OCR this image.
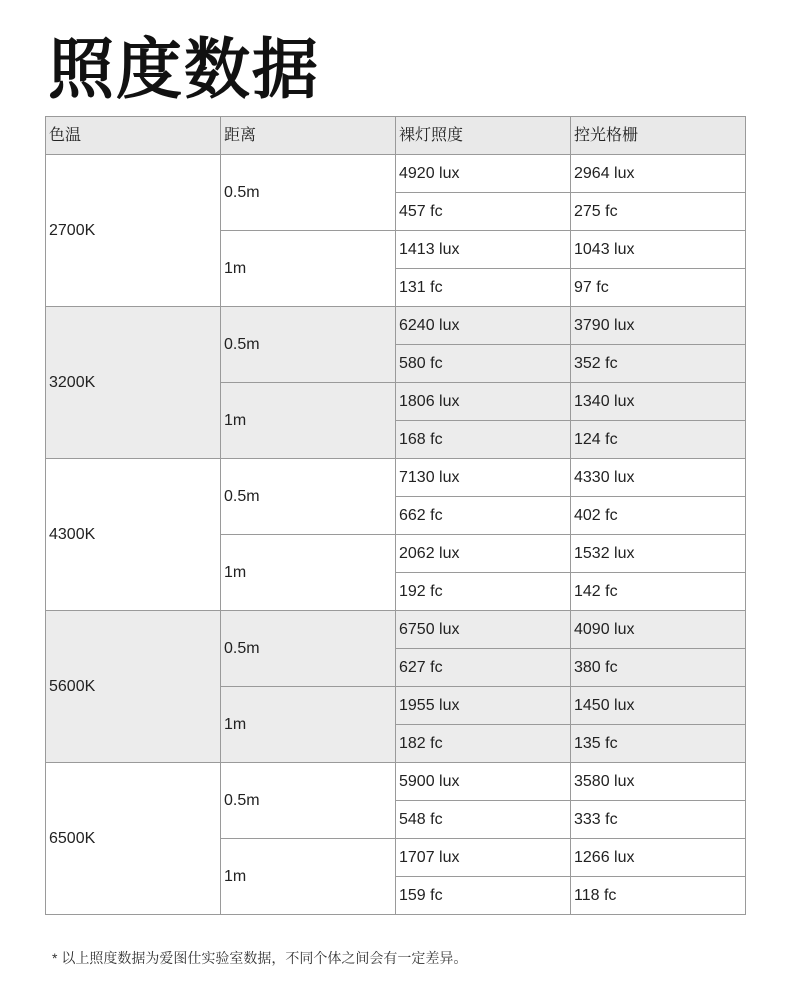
照度数据
色温	距离	裸灯照度	控光格栅
2700K	0.5m	4920 lux	2964 lux
		457 fc	275 fc
	1m	1413 lux	1043 lux
		131 fc	97 fc
3200K	0.5m	6240 lux	3790 lux
		580 fc	352 fc
	1m	1806 lux	1340 lux
		168 fc	124 fc
4300K	0.5m	7130 lux	4330 lux
		662 fc	402 fc
	1m	2062 lux	1532 lux
		192 fc	142 fc
5600K	0.5m	6750 lux	4090 lux
		627 fc	380 fc
	1m	1955 lux	1450 lux
		182 fc	135 fc
6500K	0.5m	5900 lux	3580 lux
		548 fc	333 fc
	1m	1707 lux	1266 lux
		159 fc	118 fc

* 以上照度数据为爱图仕实验室数据，不同个体之间会有一定差异。
